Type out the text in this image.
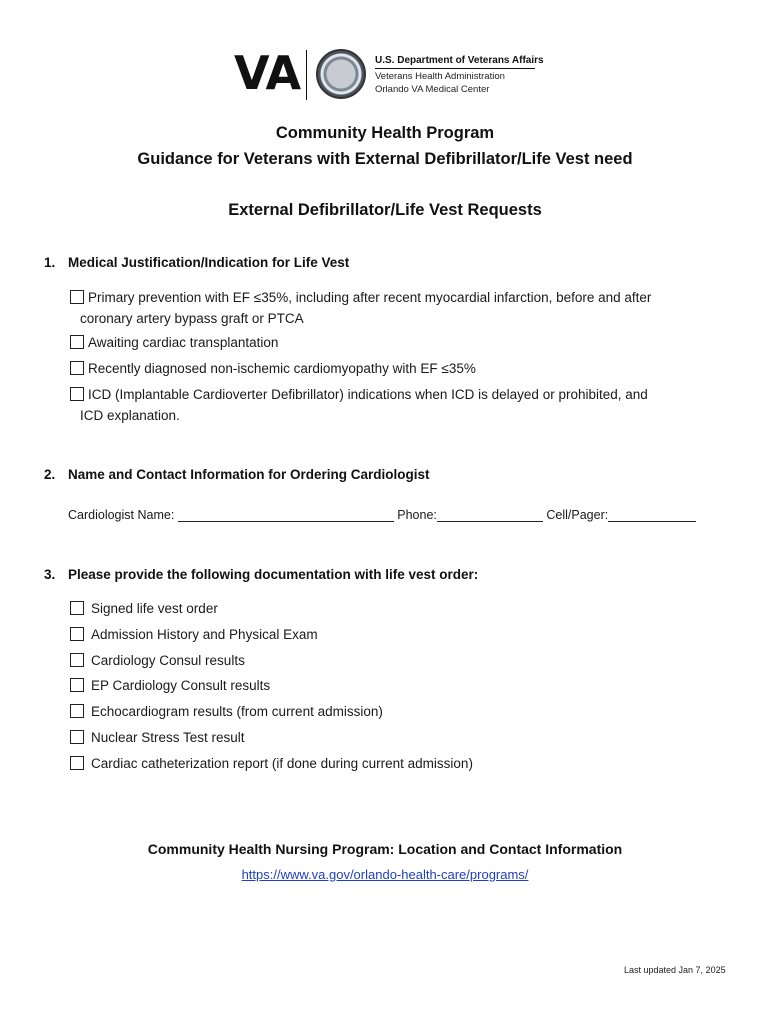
VA	U.S. Department of Veterans Affairs
Veterans Health Administration
Orlando VA Medical Center
Community Health Program
Guidance for Veterans with External Defibrillator/Life Vest need
External Defibrillator/Life Vest Requests
1. Medical Justification/Indication for Life Vest
Primary prevention with EF ≤35%, including after recent myocardial infarction, before and after
coronary artery bypass graft or PTCA
Awaiting cardiac transplantation
Recently diagnosed non-ischemic cardiomyopathy with EF ≤35%
ICD (Implantable Cardioverter Defibrillator) indications when ICD is delayed or prohibited, and
ICD explanation.
2. Name and Contact Information for Ordering Cardiologist
Cardiologist Name:	Phone:	Cell/Pager:
3. Please provide the following documentation with life vest order:
Signed life vest order
Admission History and Physical Exam
Cardiology Consul results
EP Cardiology Consult results
Echocardiogram results (from current admission)
Nuclear Stress Test result
Cardiac catheterization report (if done during current admission)
Community Health Nursing Program: Location and Contact Information
https://www.va.gov/orlando-health-care/programs/
Last updated Jan 7, 2025
